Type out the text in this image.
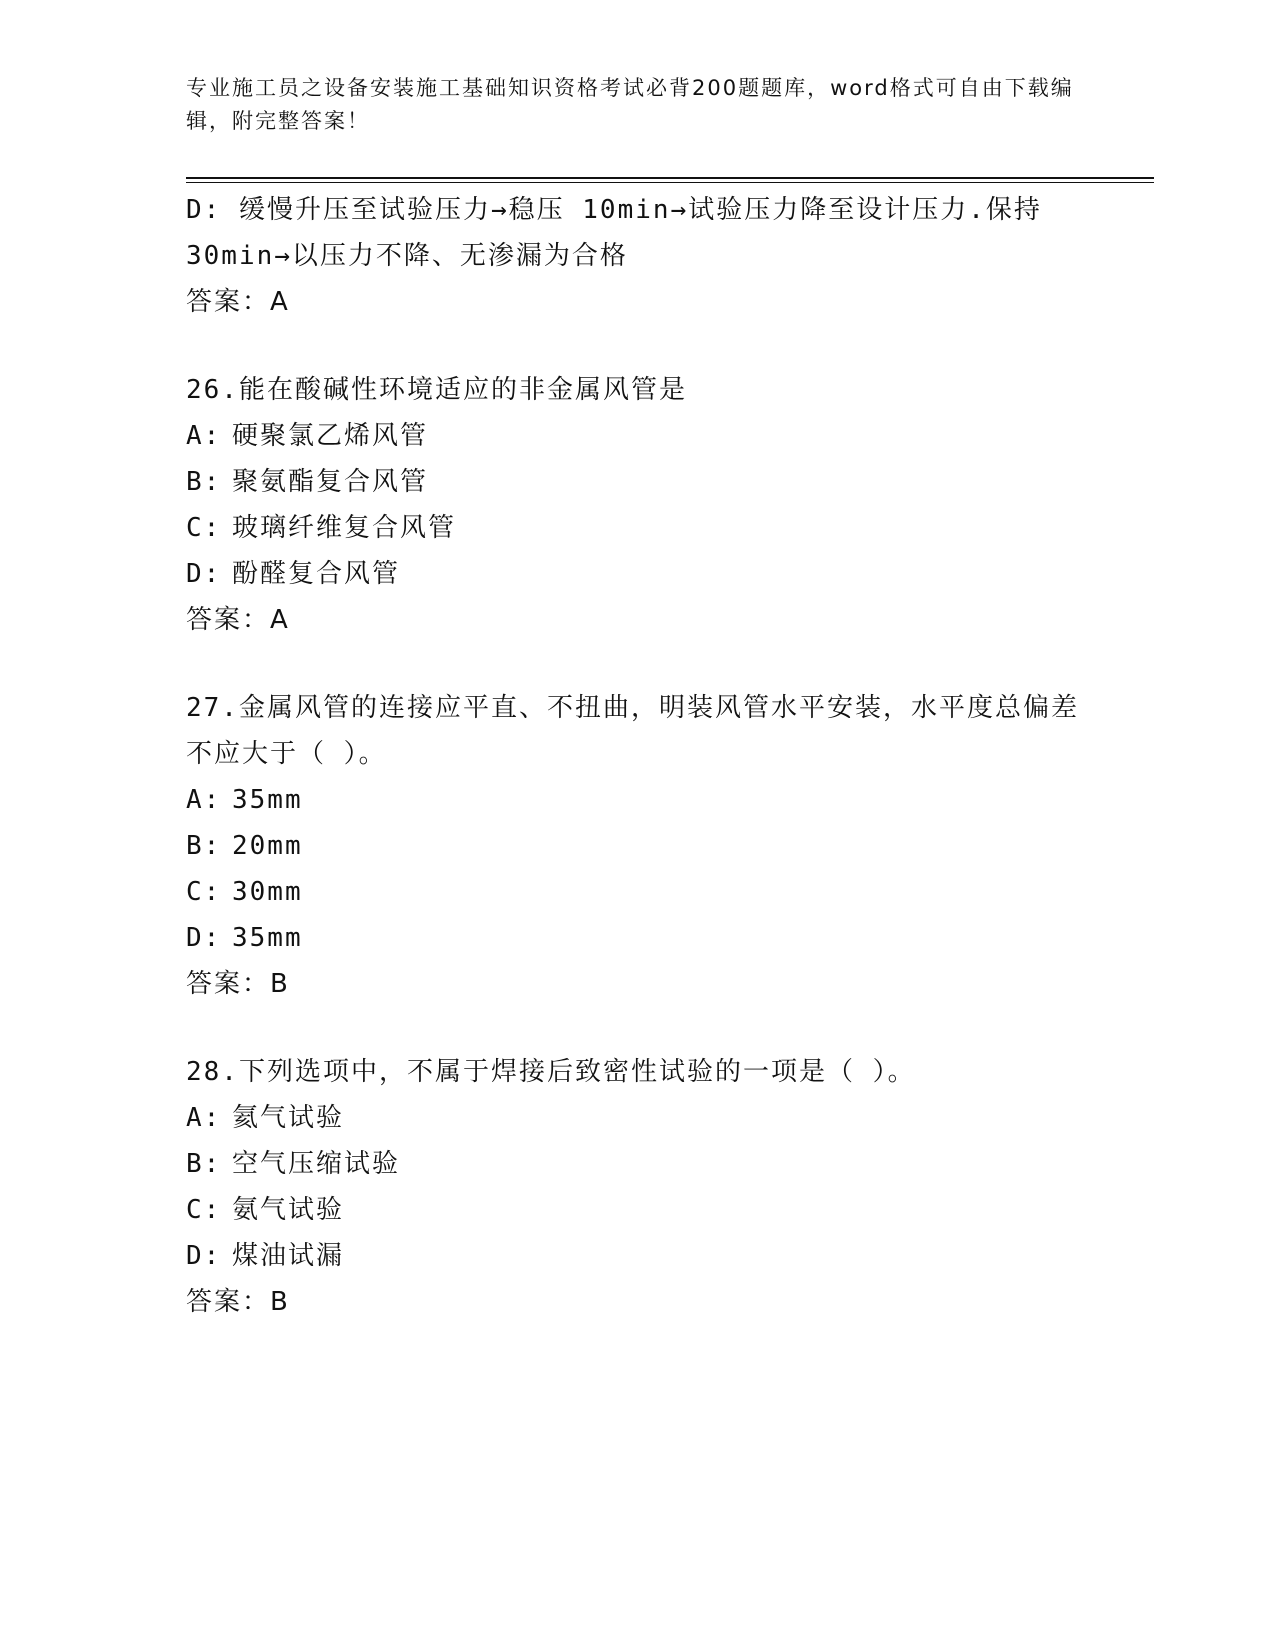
专业施工员之设备安装施工基础知识资格考试必背200题题库，word格式可自由下载编辑，附完整答案！

D: 缓慢升压至试验压力→稳压 10min→试验压力降至设计压力.保持30min→以压力不降、无渗漏为合格

答案：A

26.能在酸碱性环境适应的非金属风管是

A: 硬聚氯乙烯风管

B: 聚氨酯复合风管

C: 玻璃纤维复合风管

D: 酚醛复合风管

答案：A

27.金属风管的连接应平直、不扭曲，明装风管水平安装，水平度总偏差不应大于（ ）。

A: 35mm

B: 20mm

C: 30mm

D: 35mm

答案：B

28.下列选项中，不属于焊接后致密性试验的一项是（ ）。

A: 氦气试验

B: 空气压缩试验

C: 氨气试验

D: 煤油试漏

答案：B
